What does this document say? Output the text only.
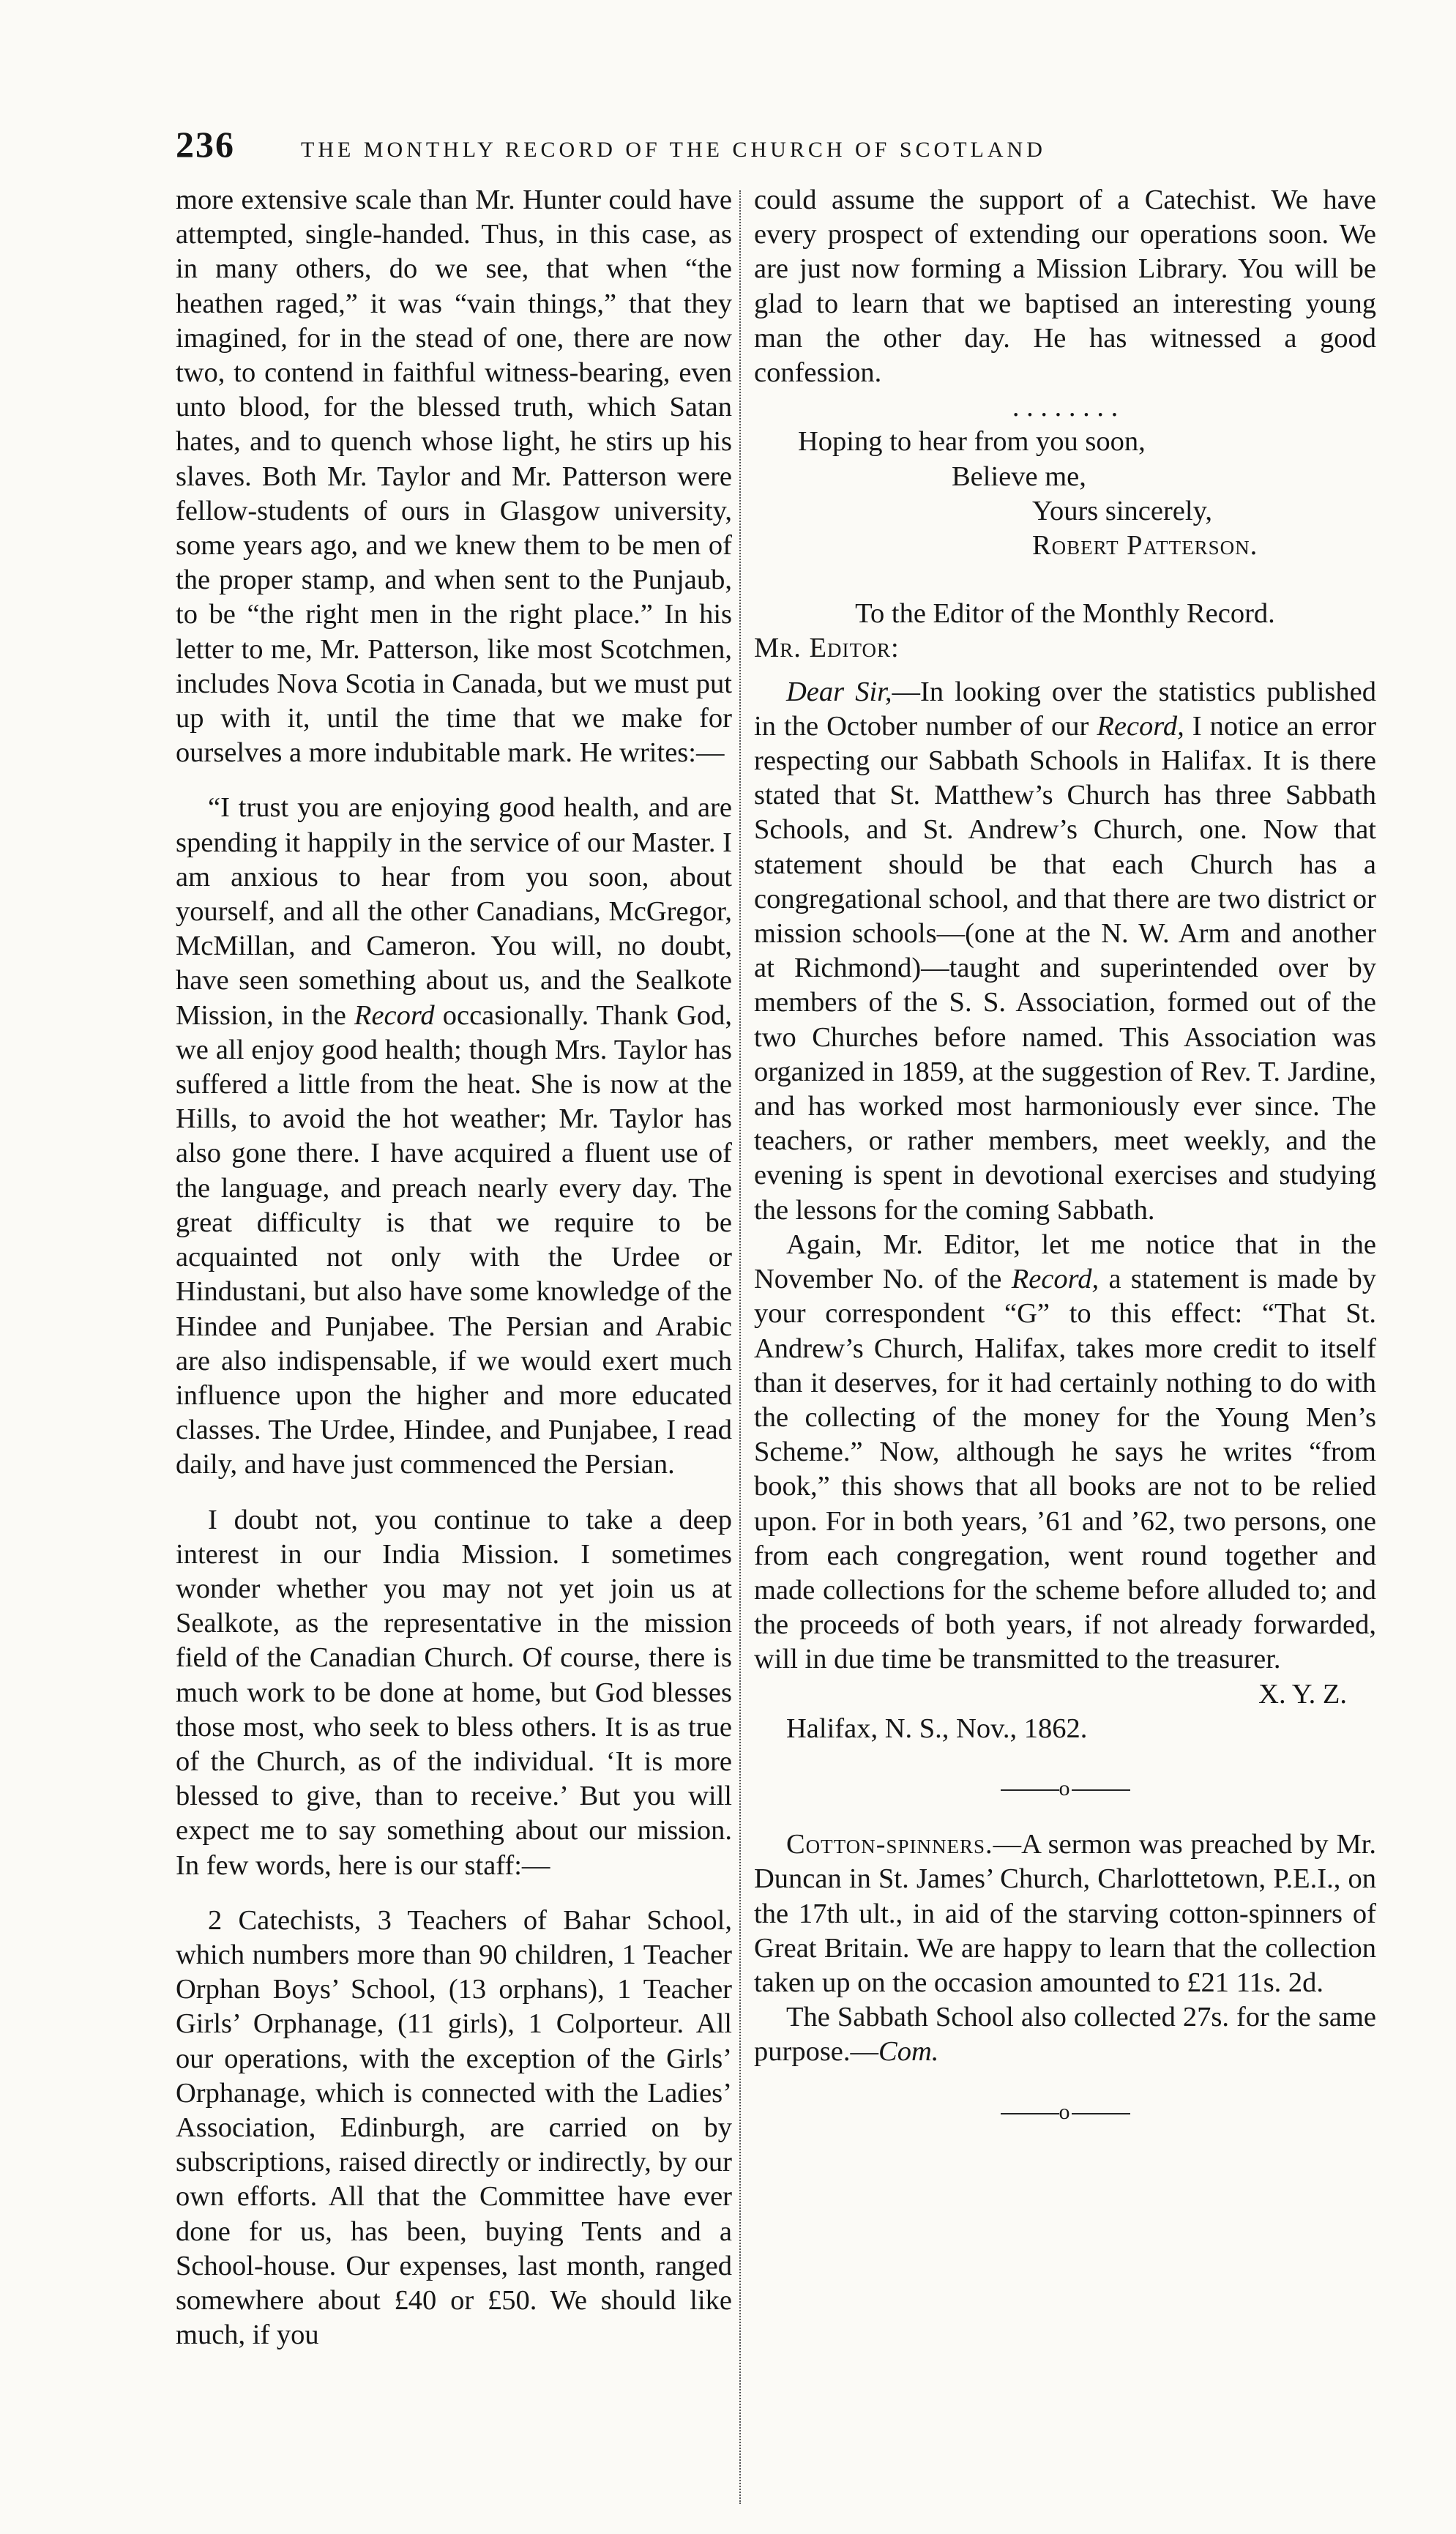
236	THE MONTHLY RECORD OF THE CHURCH OF SCOTLAND

more extensive scale than Mr. Hunter could have attempted, single-handed. Thus, in this case, as in many others, do we see, that when “the heathen raged,” it was “vain things,” that they imagined, for in the stead of one, there are now two, to contend in faithful witness-bearing, even unto blood, for the blessed truth, which Satan hates, and to quench whose light, he stirs up his slaves. Both Mr. Taylor and Mr. Patterson were fellow-students of ours in Glasgow university, some years ago, and we knew them to be men of the proper stamp, and when sent to the Punjaub, to be “the right men in the right place.” In his letter to me, Mr. Patterson, like most Scotchmen, includes Nova Scotia in Canada, but we must put up with it, until the time that we make for ourselves a more indubitable mark. He writes:—

“I trust you are enjoying good health, and are spending it happily in the service of our Master. I am anxious to hear from you soon, about yourself, and all the other Canadians, McGregor, McMillan, and Cameron. You will, no doubt, have seen something about us, and the Sealkote Mission, in the Record occasionally. Thank God, we all enjoy good health; though Mrs. Taylor has suffered a little from the heat. She is now at the Hills, to avoid the hot weather; Mr. Taylor has also gone there. I have acquired a fluent use of the language, and preach nearly every day. The great difficulty is that we require to be acquainted not only with the Urdee or Hindustani, but also have some knowledge of the Hindee and Punjabee. The Persian and Arabic are also indispensable, if we would exert much influence upon the higher and more educated classes. The Urdee, Hindee, and Punjabee, I read daily, and have just commenced the Persian.

I doubt not, you continue to take a deep interest in our India Mission. I sometimes wonder whether you may not yet join us at Sealkote, as the representative in the mission field of the Canadian Church. Of course, there is much work to be done at home, but God blesses those most, who seek to bless others. It is as true of the Church, as of the individual. ‘It is more blessed to give, than to receive.’ But you will expect me to say something about our mission. In few words, here is our staff:—

2 Catechists, 3 Teachers of Bahar School, which numbers more than 90 children, 1 Teacher Orphan Boys’ School, (13 orphans), 1 Teacher Girls’ Orphanage, (11 girls), 1 Colporteur. All our operations, with the exception of the Girls’ Orphanage, which is connected with the Ladies’ Association, Edinburgh, are carried on by subscriptions, raised directly or indirectly, by our own efforts. All that the Committee have ever done for us, has been, buying Tents and a School-house. Our expenses, last month, ranged somewhere about £40 or £50. We should like much, if you

could assume the support of a Catechist. We have every prospect of extending our operations soon. We are just now forming a Mission Library. You will be glad to learn that we baptised an interesting young man the other day. He has witnessed a good confession.

. . . . . . . .

Hoping to hear from you soon,
Believe me,
Yours sincerely,
Robert Patterson.

To the Editor of the Monthly Record.

Mr. Editor:

Dear Sir,—In looking over the statistics published in the October number of our Record, I notice an error respecting our Sabbath Schools in Halifax. It is there stated that St. Matthew’s Church has three Sabbath Schools, and St. Andrew’s Church, one. Now that statement should be that each Church has a congregational school, and that there are two district or mission schools—(one at the N. W. Arm and another at Richmond)—taught and superintended over by members of the S. S. Association, formed out of the two Churches before named. This Association was organized in 1859, at the suggestion of Rev. T. Jardine, and has worked most harmoniously ever since. The teachers, or rather members, meet weekly, and the evening is spent in devotional exercises and studying the lessons for the coming Sabbath.

Again, Mr. Editor, let me notice that in the November No. of the Record, a statement is made by your correspondent “G” to this effect: “That St. Andrew’s Church, Halifax, takes more credit to itself than it deserves, for it had certainly nothing to do with the collecting of the money for the Young Men’s Scheme.” Now, although he says he writes “from book,” this shows that all books are not to be relied upon. For in both years, ’61 and ’62, two persons, one from each congregation, went round together and made collections for the scheme before alluded to; and the proceeds of both years, if not already forwarded, will in due time be transmitted to the treasurer.
X. Y. Z.

Halifax, N. S., Nov., 1862.

o

Cotton-spinners.—A sermon was preached by Mr. Duncan in St. James’ Church, Charlottetown, P.E.I., on the 17th ult., in aid of the starving cotton-spinners of Great Britain. We are happy to learn that the collection taken up on the occasion amounted to £21 11s. 2d.

The Sabbath School also collected 27s. for the same purpose.—Com.

o
